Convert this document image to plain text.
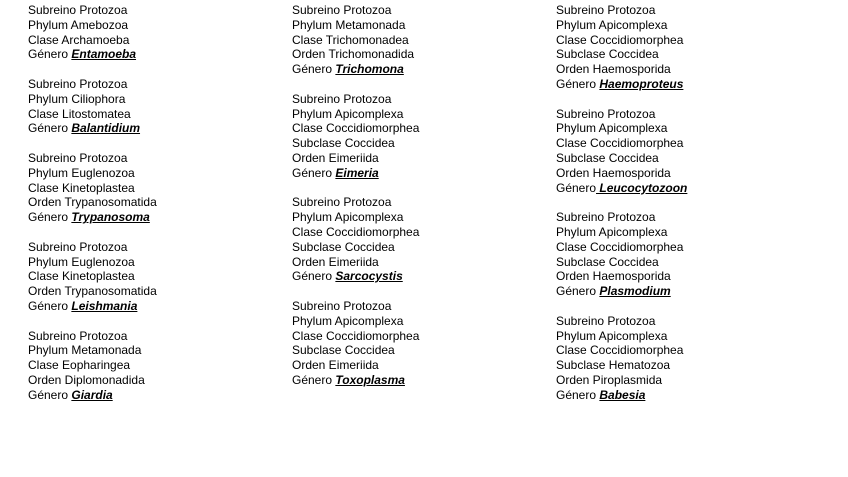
Subreino Protozoa
Phylum Amebozoa
Clase Archamoeba
Género Entamoeba
Subreino Protozoa
Phylum Ciliophora
Clase Litostomatea
Género Balantidium
Subreino Protozoa
Phylum Euglenozoa
Clase Kinetoplastea
Orden Trypanosomatida
Género Trypanosoma
Subreino Protozoa
Phylum Euglenozoa
Clase Kinetoplastea
Orden Trypanosomatida
Género Leishmania
Subreino Protozoa
Phylum Metamonada
Clase Eopharingea
Orden Diplomonadida
Género Giardia
Subreino Protozoa
Phylum Metamonada
Clase Trichomonadea
Orden Trichomonadida
Género Trichomona
Subreino Protozoa
Phylum Apicomplexa
Clase Coccidiomorphea
Subclase Coccidea
Orden Eimeriida
Género Eimeria
Subreino Protozoa
Phylum Apicomplexa
Clase Coccidiomorphea
Subclase Coccidea
Orden Eimeriida
Género Sarcocystis
Subreino Protozoa
Phylum Apicomplexa
Clase Coccidiomorphea
Subclase Coccidea
Orden Eimeriida
Género Toxoplasma
Subreino Protozoa
Phylum Apicomplexa
Clase Coccidiomorphea
Subclase Coccidea
Orden Haemosporida
Género Haemoproteus
Subreino Protozoa
Phylum Apicomplexa
Clase Coccidiomorphea
Subclase Coccidea
Orden Haemosporida
Género Leucocytozoon
Subreino Protozoa
Phylum Apicomplexa
Clase Coccidiomorphea
Subclase Coccidea
Orden Haemosporida
Género Plasmodium
Subreino Protozoa
Phylum Apicomplexa
Clase Coccidiomorphea
Subclase Hematozoa
Orden Piroplasmida
Género Babesia
